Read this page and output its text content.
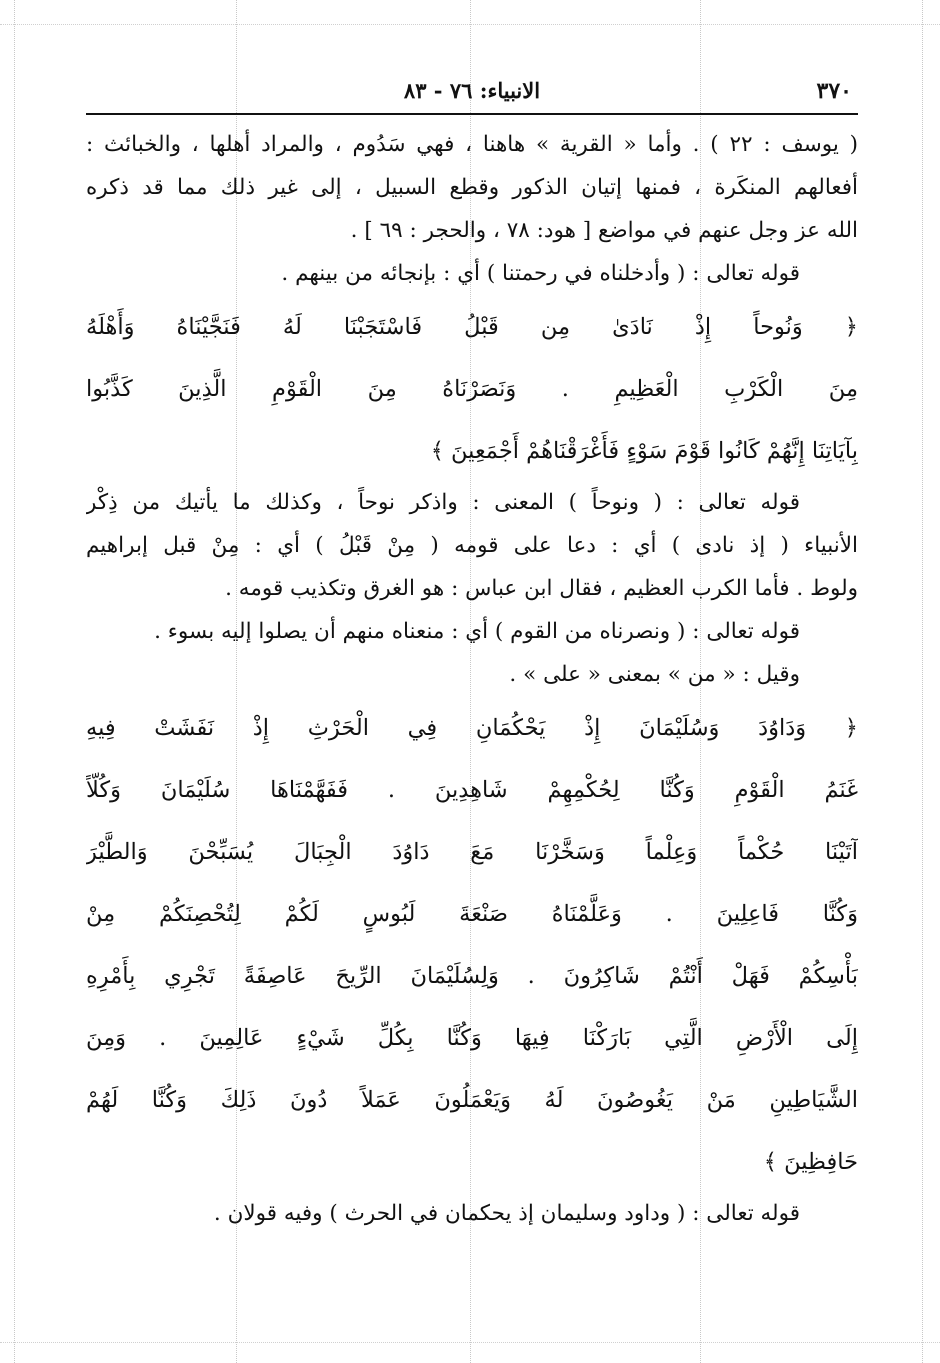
٣٧٠
الانبياء: ٧٦ - ٨٣
( يوسف : ٢٢ ) . وأما « القرية » هاهنا ، فهي سَدُوم ، والمراد أهلها ، والخبائث :
أفعالهم المنكَرة ، فمنها إتيان الذكور وقطع السبيل ، إلى غير ذلك مما قد ذكره
الله عز وجل عنهم في مواضع [ هود: ٧٨ ، والحجر : ٦٩ ] .
قوله تعالى : ( وأدخلناه في رحمتنا ) أي : بإنجائه من بينهم .
﴿ وَنُوحاً إِذْ نَادَىٰ مِن قَبْلُ فَاسْتَجَبْنَا لَهُ فَنَجَّيْنَاهُ وَأَهْلَهُ
مِنَ الْكَرْبِ الْعَظِيمِ . وَنَصَرْنَاهُ مِنَ الْقَوْمِ الَّذِينَ كَذَّبُوا
بِآيَاتِنَا إِنَّهُمْ كَانُوا قَوْمَ سَوْءٍ فَأَغْرَقْنَاهُمْ أَجْمَعِينَ ﴾
قوله تعالى : ( ونوحاً ) المعنى : واذكر نوحاً ، وكذلك ما يأتيك من ذِكْر
الأنبياء ( إذ نادى ) أي : دعا على قومه ( مِنْ قَبْلُ ) أي : مِنْ قبل إبراهيم
ولوط . فأما الكرب العظيم ، فقال ابن عباس : هو الغرق وتكذيب قومه .
قوله تعالى : ( ونصرناه من القوم ) أي : منعناه منهم أن يصلوا إليه بسوء .
وقيل : « من » بمعنى « على » .
﴿ وَدَاوُدَ وَسُلَيْمَانَ إِذْ يَحْكُمَانِ فِي الْحَرْثِ إِذْ نَفَشَتْ فِيهِ
غَنَمُ الْقَوْمِ وَكُنَّا لِحُكْمِهِمْ شَاهِدِينَ . فَفَهَّمْنَاهَا سُلَيْمَانَ وَكُلّاً
آتَيْنَا حُكْماً وَعِلْماً وَسَخَّرْنَا مَعَ دَاوُدَ الْجِبَالَ يُسَبِّحْنَ وَالطَّيْرَ
وَكُنَّا فَاعِلِينَ . وَعَلَّمْنَاهُ صَنْعَةَ لَبُوسٍ لَكُمْ لِتُحْصِنَكُمْ مِنْ
بَأْسِكُمْ فَهَلْ أَنْتُمْ شَاكِرُونَ . وَلِسُلَيْمَانَ الرِّيحَ عَاصِفَةً تَجْرِي بِأَمْرِهِ
إِلَى الْأَرْضِ الَّتِي بَارَكْنَا فِيهَا وَكُنَّا بِكُلِّ شَيْءٍ عَالِمِينَ . وَمِنَ
الشَّيَاطِينِ مَنْ يَغُوصُونَ لَهُ وَيَعْمَلُونَ عَمَلاً دُونَ ذَلِكَ وَكُنَّا لَهُمْ
حَافِظِينَ ﴾
قوله تعالى : ( وداود وسليمان إذ يحكمان في الحرث ) وفيه قولان .
